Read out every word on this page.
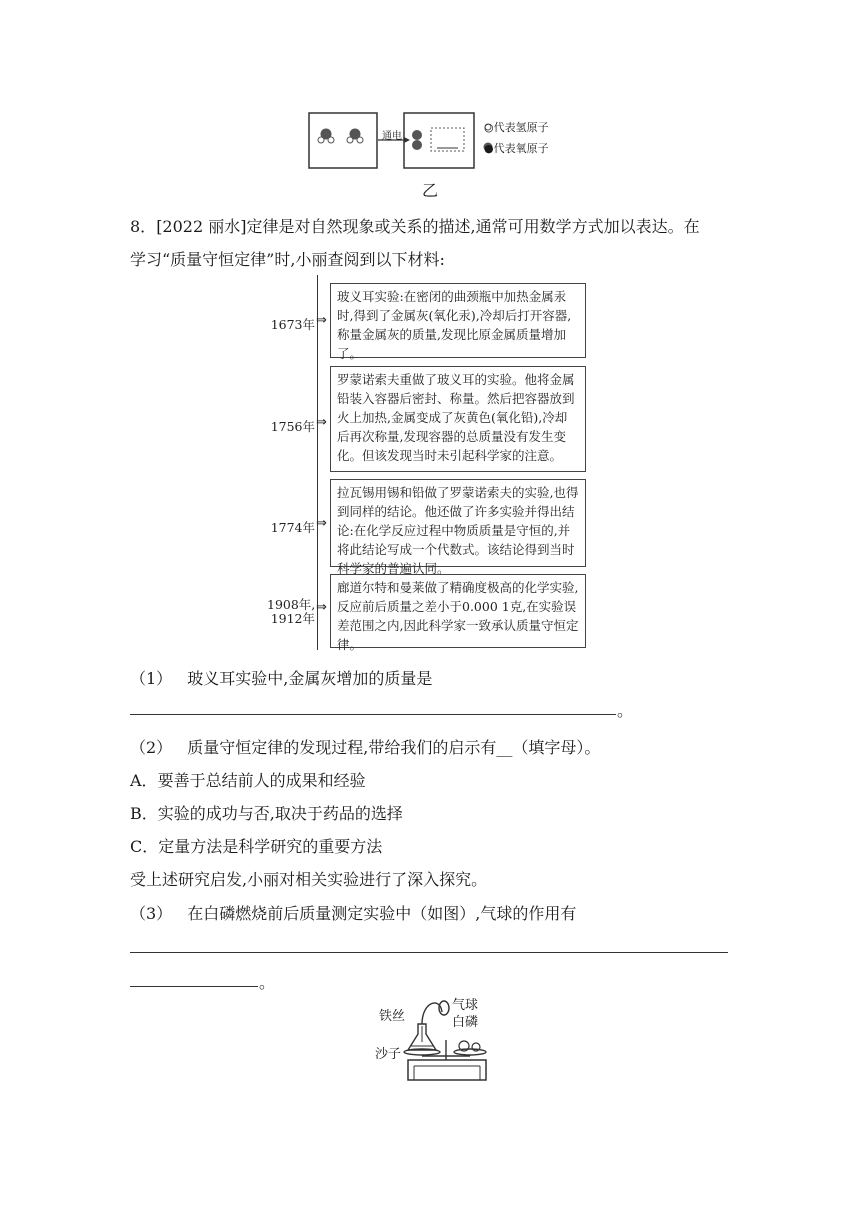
通电
○代表氢原子
●代表氧原子
乙
8．[2022 丽水]定律是对自然现象或关系的描述,通常可用数学方式加以表达。在
学习“质量守恒定律”时,小丽查阅到以下材料:
1673年 ⇒
玻义耳实验:在密闭的曲颈瓶中加热金属汞时,得到了金属灰(氧化汞),冷却后打开容器,称量金属灰的质量,发现比原金属质量增加了。
1756年 ⇒
罗蒙诺索夫重做了玻义耳的实验。他将金属铅装入容器后密封、称量。然后把容器放到火上加热,金属变成了灰黄色(氧化铅),冷却后再次称量,发现容器的总质量没有发生变化。但该发现当时未引起科学家的注意。
1774年 ⇒
拉瓦锡用锡和铅做了罗蒙诺索夫的实验,也得到同样的结论。他还做了许多实验并得出结论:在化学反应过程中物质质量是守恒的,并将此结论写成一个代数式。该结论得到当时科学家的普遍认同。
1908年,
1912年
⇒
廊道尔特和曼莱做了精确度极高的化学实验,反应前后质量之差小于0.000 1克,在实验误差范围之内,因此科学家一致承认质量守恒定律。
（1） 玻义耳实验中,金属灰增加的质量是
。
（2） 质量守恒定律的发现过程,带给我们的启示有__（填字母）。
A．要善于总结前人的成果和经验
B．实验的成功与否,取决于药品的选择
C．定量方法是科学研究的重要方法
受上述研究启发,小丽对相关实验进行了深入探究。
（3） 在白磷燃烧前后质量测定实验中（如图）,气球的作用有
。
气球
铁丝	白磷
沙子
